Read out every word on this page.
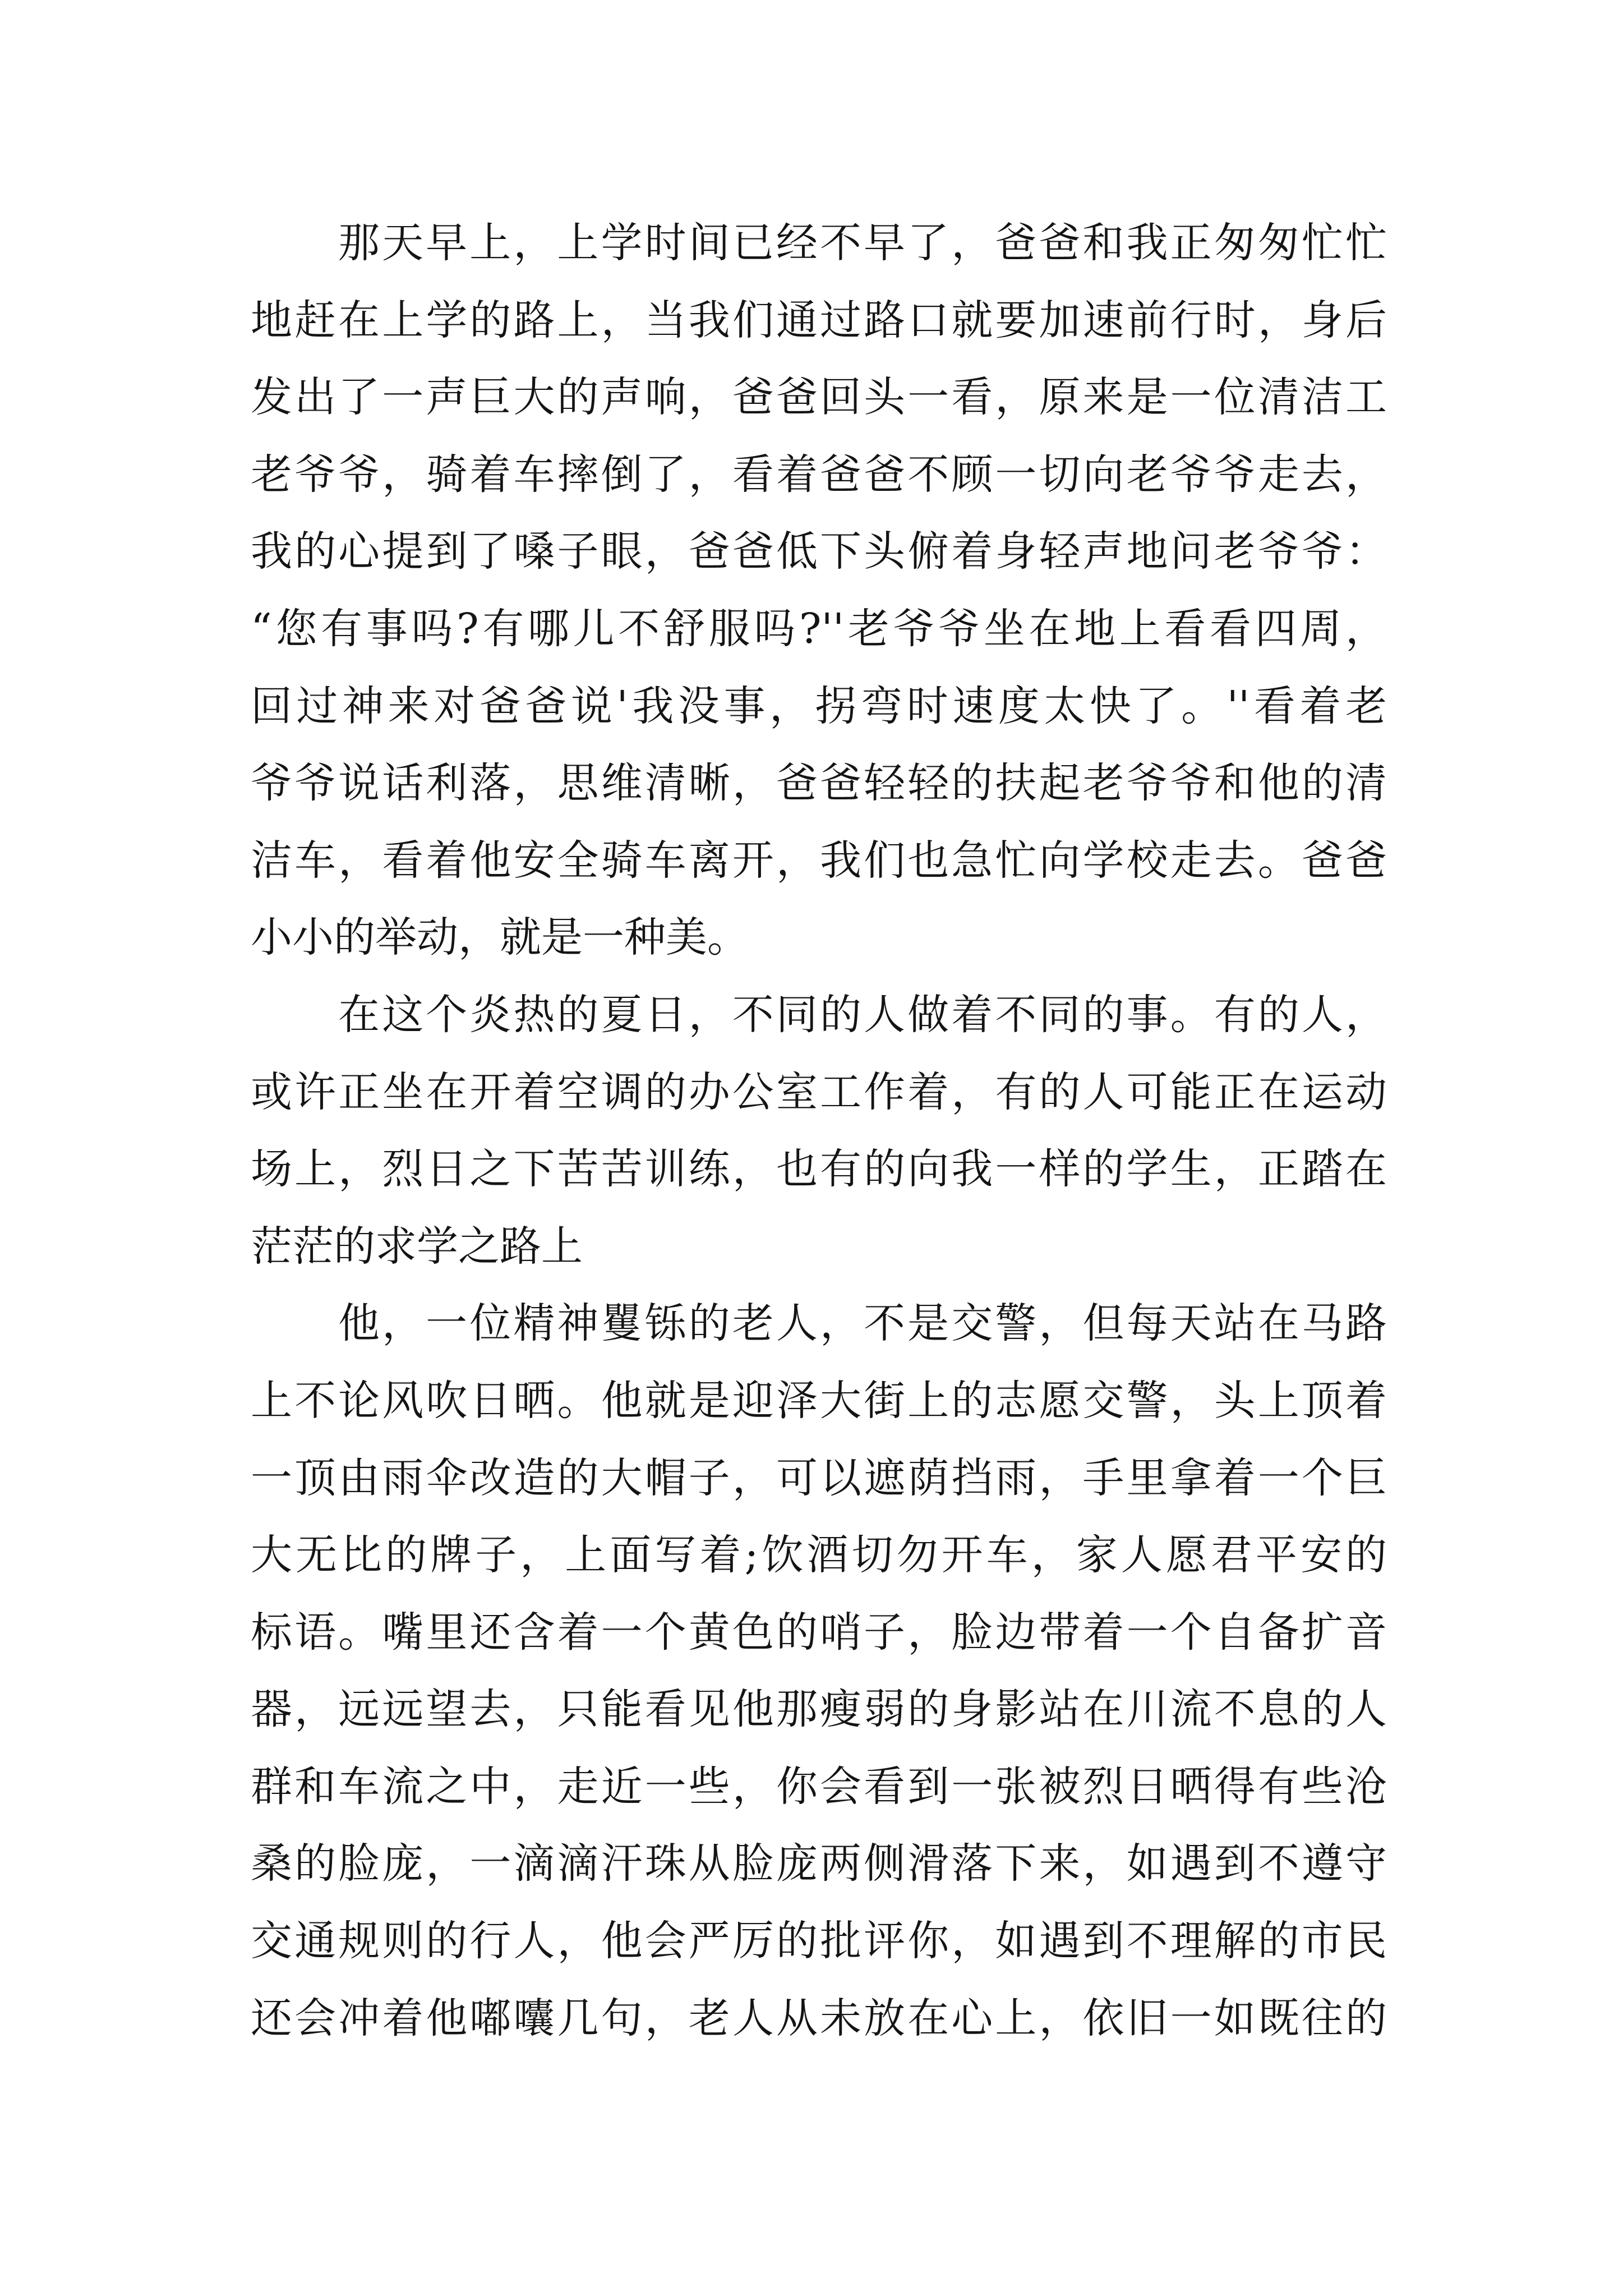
那天早上，上学时间已经不早了，爸爸和我正匆匆忙忙
地赶在上学的路上，当我们通过路口就要加速前行时，身后
发出了一声巨大的声响，爸爸回头一看，原来是一位清洁工
老爷爷，骑着车摔倒了，看着爸爸不顾一切向老爷爷走去，
我的心提到了嗓子眼，爸爸低下头俯着身轻声地问老爷爷：
“您有事吗?有哪儿不舒服吗?''老爷爷坐在地上看看四周，
回过神来对爸爸说'我没事，拐弯时速度太快了。''看着老
爷爷说话利落，思维清晰，爸爸轻轻的扶起老爷爷和他的清
洁车，看着他安全骑车离开，我们也急忙向学校走去。爸爸
小小的举动，就是一种美。
在这个炎热的夏日，不同的人做着不同的事。有的人，
或许正坐在开着空调的办公室工作着，有的人可能正在运动
场上，烈日之下苦苦训练，也有的向我一样的学生，正踏在
茫茫的求学之路上
他，一位精神矍铄的老人，不是交警，但每天站在马路
上不论风吹日晒。他就是迎泽大街上的志愿交警，头上顶着
一顶由雨伞改造的大帽子，可以遮荫挡雨，手里拿着一个巨
大无比的牌子，上面写着;饮酒切勿开车，家人愿君平安的
标语。嘴里还含着一个黄色的哨子，脸边带着一个自备扩音
器，远远望去，只能看见他那瘦弱的身影站在川流不息的人
群和车流之中，走近一些，你会看到一张被烈日晒得有些沧
桑的脸庞，一滴滴汗珠从脸庞两侧滑落下来，如遇到不遵守
交通规则的行人，他会严厉的批评你，如遇到不理解的市民
还会冲着他嘟囔几句，老人从未放在心上，依旧一如既往的
